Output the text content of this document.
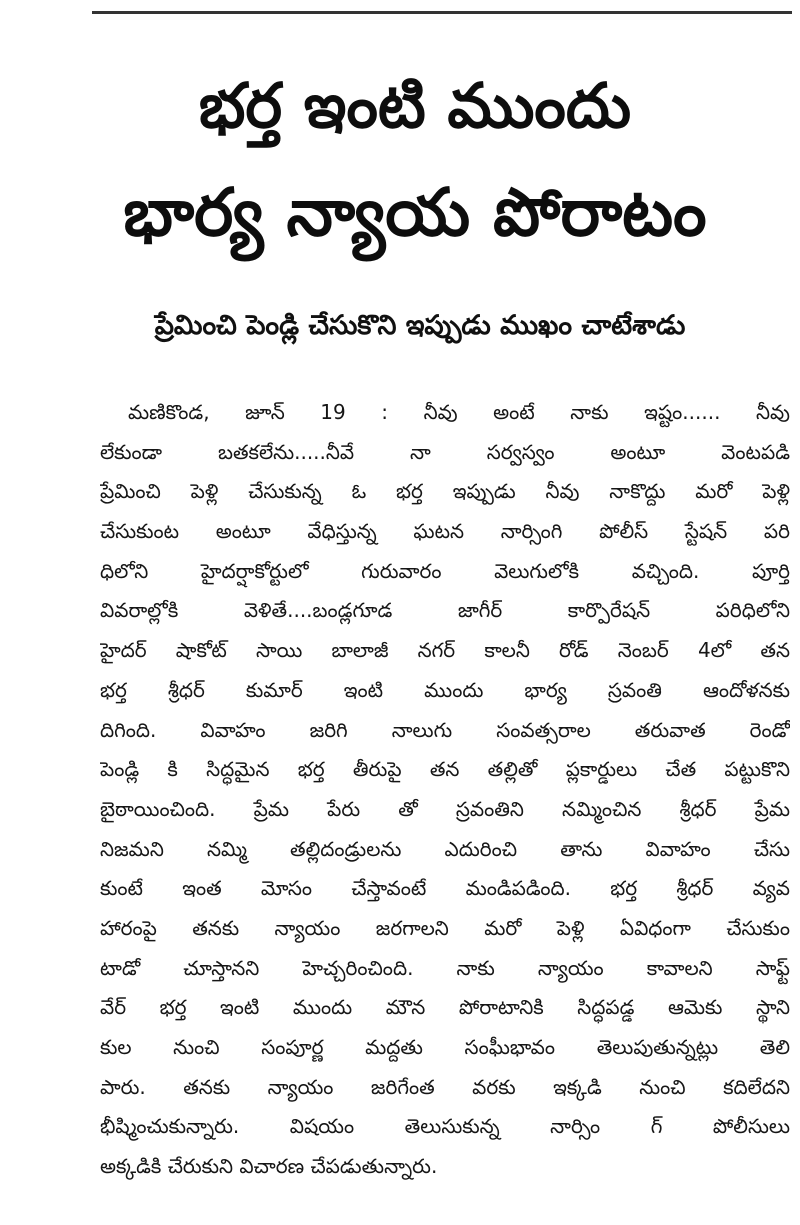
భర్త ఇంటి ముందు
భార్య న్యాయ పోరాటం
ప్రేమించి పెండ్లి చేసుకొని ఇప్పుడు ముఖం చాటేశాడు
మణికొండ, జూన్ 19 : నీవు అంటే నాకు ఇష్టం...... నీవు
లేకుండా బతకలేను.....నీవే నా సర్వస్వం అంటూ వెంటపడి
ప్రేమించి పెళ్లి చేసుకున్న ఓ భర్త ఇప్పుడు నీవు నాకొద్దు మరో పెళ్లి
చేసుకుంట అంటూ వేధిస్తున్న ఘటన నార్సింగి పోలీస్ స్టేషన్ పరి
ధిలోని హైదర్షాకోర్టులో గురువారం వెలుగులోకి వచ్చింది. పూర్తి
వివరాల్లోకి వెళితే....బండ్లగూడ జాగీర్ కార్పొరేషన్ పరిధిలోని
హైదర్ షాకోట్ సాయి బాలాజీ నగర్ కాలనీ రోడ్ నెంబర్ 4లో తన
భర్త శ్రీధర్ కుమార్ ఇంటి ముందు భార్య స్రవంతి ఆందోళనకు
దిగింది. వివాహం జరిగి నాలుగు సంవత్సరాల తరువాత రెండో
పెండ్లి కి సిద్ధమైన భర్త తీరుపై తన తల్లితో ప్లకార్డులు చేత పట్టుకొని
బైఠాయించింది. ప్రేమ పేరు తో స్రవంతిని నమ్మించిన శ్రీధర్ ప్రేమ
నిజమని నమ్మి తల్లిదండ్రులను ఎదురించి తాను వివాహం చేసు
కుంటే ఇంత మోసం చేస్తావంటే మండిపడింది. భర్త శ్రీధర్ వ్యవ
హారంపై తనకు న్యాయం జరగాలని మరో పెళ్లి ఏవిధంగా చేసుకుం
టాడో చూస్తానని హెచ్చరించింది. నాకు న్యాయం కావాలని సాఫ్ట్
వేర్ భర్త ఇంటి ముందు మౌన పోరాటానికి సిద్ధపడ్డ ఆమెకు స్థాని
కుల నుంచి సంపూర్ణ మద్దతు సంఘీభావం తెలుపుతున్నట్లు తెలి
పారు. తనకు న్యాయం జరిగేంత వరకు ఇక్కడి నుంచి కదిలేదని
భీష్మించుకున్నారు. విషయం తెలుసుకున్న నార్సిం గ్ పోలీసులు
అక్కడికి చేరుకుని విచారణ చేపడుతున్నారు.
